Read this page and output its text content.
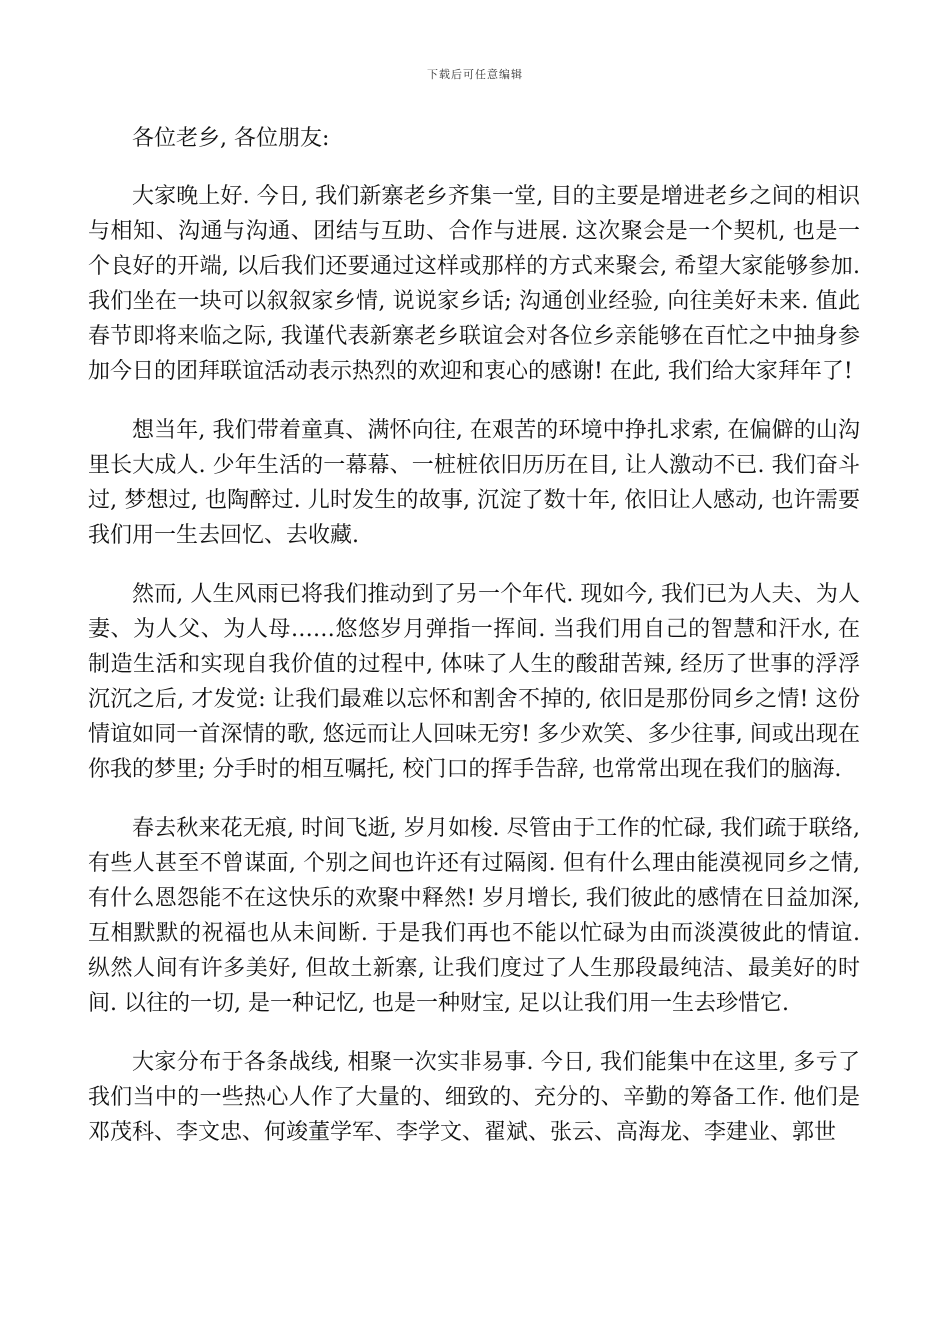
下载后可任意编辑

各位老乡, 各位朋友:

大家晚上好. 今日, 我们新寨老乡齐集一堂, 目的主要是增进老乡之间的相识与相知、沟通与沟通、团结与互助、合作与进展. 这次聚会是一个契机, 也是一个良好的开端, 以后我们还要通过这样或那样的方式来聚会, 希望大家能够参加. 我们坐在一块可以叙叙家乡情, 说说家乡话; 沟通创业经验, 向往美好未来. 值此春节即将来临之际, 我谨代表新寨老乡联谊会对各位乡亲能够在百忙之中抽身参加今日的团拜联谊活动表示热烈的欢迎和衷心的感谢! 在此, 我们给大家拜年了!

想当年, 我们带着童真、满怀向往, 在艰苦的环境中挣扎求索, 在偏僻的山沟里长大成人. 少年生活的一幕幕、一桩桩依旧历历在目, 让人激动不已. 我们奋斗过, 梦想过, 也陶醉过. 儿时发生的故事, 沉淀了数十年, 依旧让人感动, 也许需要我们用一生去回忆、去收藏.

然而, 人生风雨已将我们推动到了另一个年代. 现如今, 我们已为人夫、为人妻、为人父、为人母……悠悠岁月弹指一挥间. 当我们用自己的智慧和汗水, 在制造生活和实现自我价值的过程中, 体味了人生的酸甜苦辣, 经历了世事的浮浮沉沉之后, 才发觉: 让我们最难以忘怀和割舍不掉的, 依旧是那份同乡之情! 这份情谊如同一首深情的歌, 悠远而让人回味无穷! 多少欢笑、多少往事, 间或出现在你我的梦里; 分手时的相互嘱托, 校门口的挥手告辞, 也常常出现在我们的脑海.

春去秋来花无痕, 时间飞逝, 岁月如梭. 尽管由于工作的忙碌, 我们疏于联络, 有些人甚至不曾谋面, 个别之间也许还有过隔阂. 但有什么理由能漠视同乡之情, 有什么恩怨能不在这快乐的欢聚中释然! 岁月增长, 我们彼此的感情在日益加深, 互相默默的祝福也从未间断. 于是我们再也不能以忙碌为由而淡漠彼此的情谊. 纵然人间有许多美好, 但故土新寨, 让我们度过了人生那段最纯洁、最美好的时间. 以往的一切, 是一种记忆, 也是一种财宝, 足以让我们用一生去珍惜它.

大家分布于各条战线, 相聚一次实非易事. 今日, 我们能集中在这里, 多亏了我们当中的一些热心人作了大量的、细致的、充分的、辛勤的筹备工作. 他们是邓茂科、李文忠、何竣董学军、李学文、翟斌、张云、高海龙、李建业、郭世
